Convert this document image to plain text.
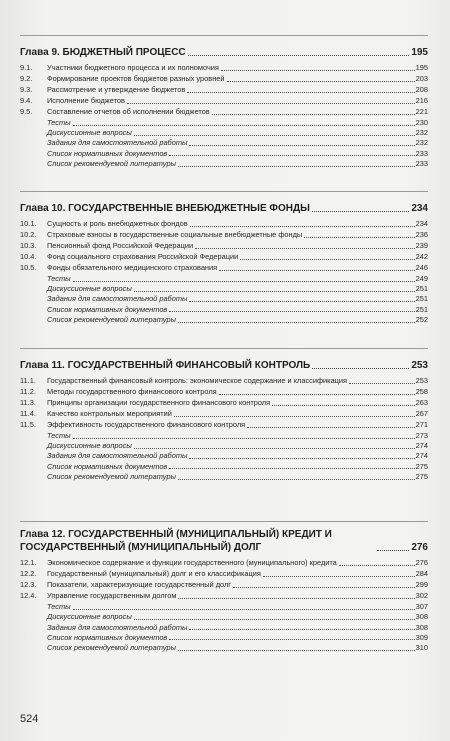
Глава 9. БЮДЖЕТНЫЙ ПРОЦЕСС	195
9.1.	Участники бюджетного процесса и их полномочия	195
9.2.	Формирование проектов бюджетов разных уровней	203
9.3.	Рассмотрение и утверждение бюджетов	208
9.4.	Исполнение бюджетов	216
9.5.	Составление отчетов об исполнении бюджетов	221
Тесты	230
Дискуссионные вопросы	232
Задания для самостоятельной работы	232
Список нормативных документов	233
Список рекомендуемой литературы	233
Глава 10. ГОСУДАРСТВЕННЫЕ ВНЕБЮДЖЕТНЫЕ ФОНДЫ	234
10.1.	Сущность и роль внебюджетных фондов	234
10.2.	Страховые взносы в государственные социальные внебюджетные фонды	236
10.3.	Пенсионный фонд Российской Федерации	239
10.4.	Фонд социального страхования Российской Федерации	242
10.5.	Фонды обязательного медицинского страхования	246
Тесты	249
Дискуссионные вопросы	251
Задания для самостоятельной работы	251
Список нормативных документов	251
Список рекомендуемой литературы	252
Глава 11. ГОСУДАРСТВЕННЫЙ ФИНАНСОВЫЙ КОНТРОЛЬ	253
11.1.	Государственный финансовый контроль: экономическое содержание и классификация	253
11.2.	Методы государственного финансового контроля	258
11.3.	Принципы организации государственного финансового контроля	263
11.4.	Качество контрольных мероприятий	267
11.5.	Эффективность государственного финансового контроля	271
Тесты	273
Дискуссионные вопросы	274
Задания для самостоятельной работы	274
Список нормативных документов	275
Список рекомендуемой литературы	275
Глава 12. ГОСУДАРСТВЕННЫЙ (МУНИЦИПАЛЬНЫЙ) КРЕДИТ И ГОСУДАРСТВЕННЫЙ (МУНИЦИПАЛЬНЫЙ) ДОЛГ	276
12.1.	Экономическое содержание и функции государственного (муниципального) кредита	276
12.2.	Государственный (муниципальный) долг и его классификация	284
12.3.	Показатели, характеризующие государственный долг	299
12.4.	Управление государственным долгом	302
Тесты	307
Дискуссионные вопросы	308
Задания для самостоятельной работы	308
Список нормативных документов	309
Список рекомендуемой литературы	310
524
